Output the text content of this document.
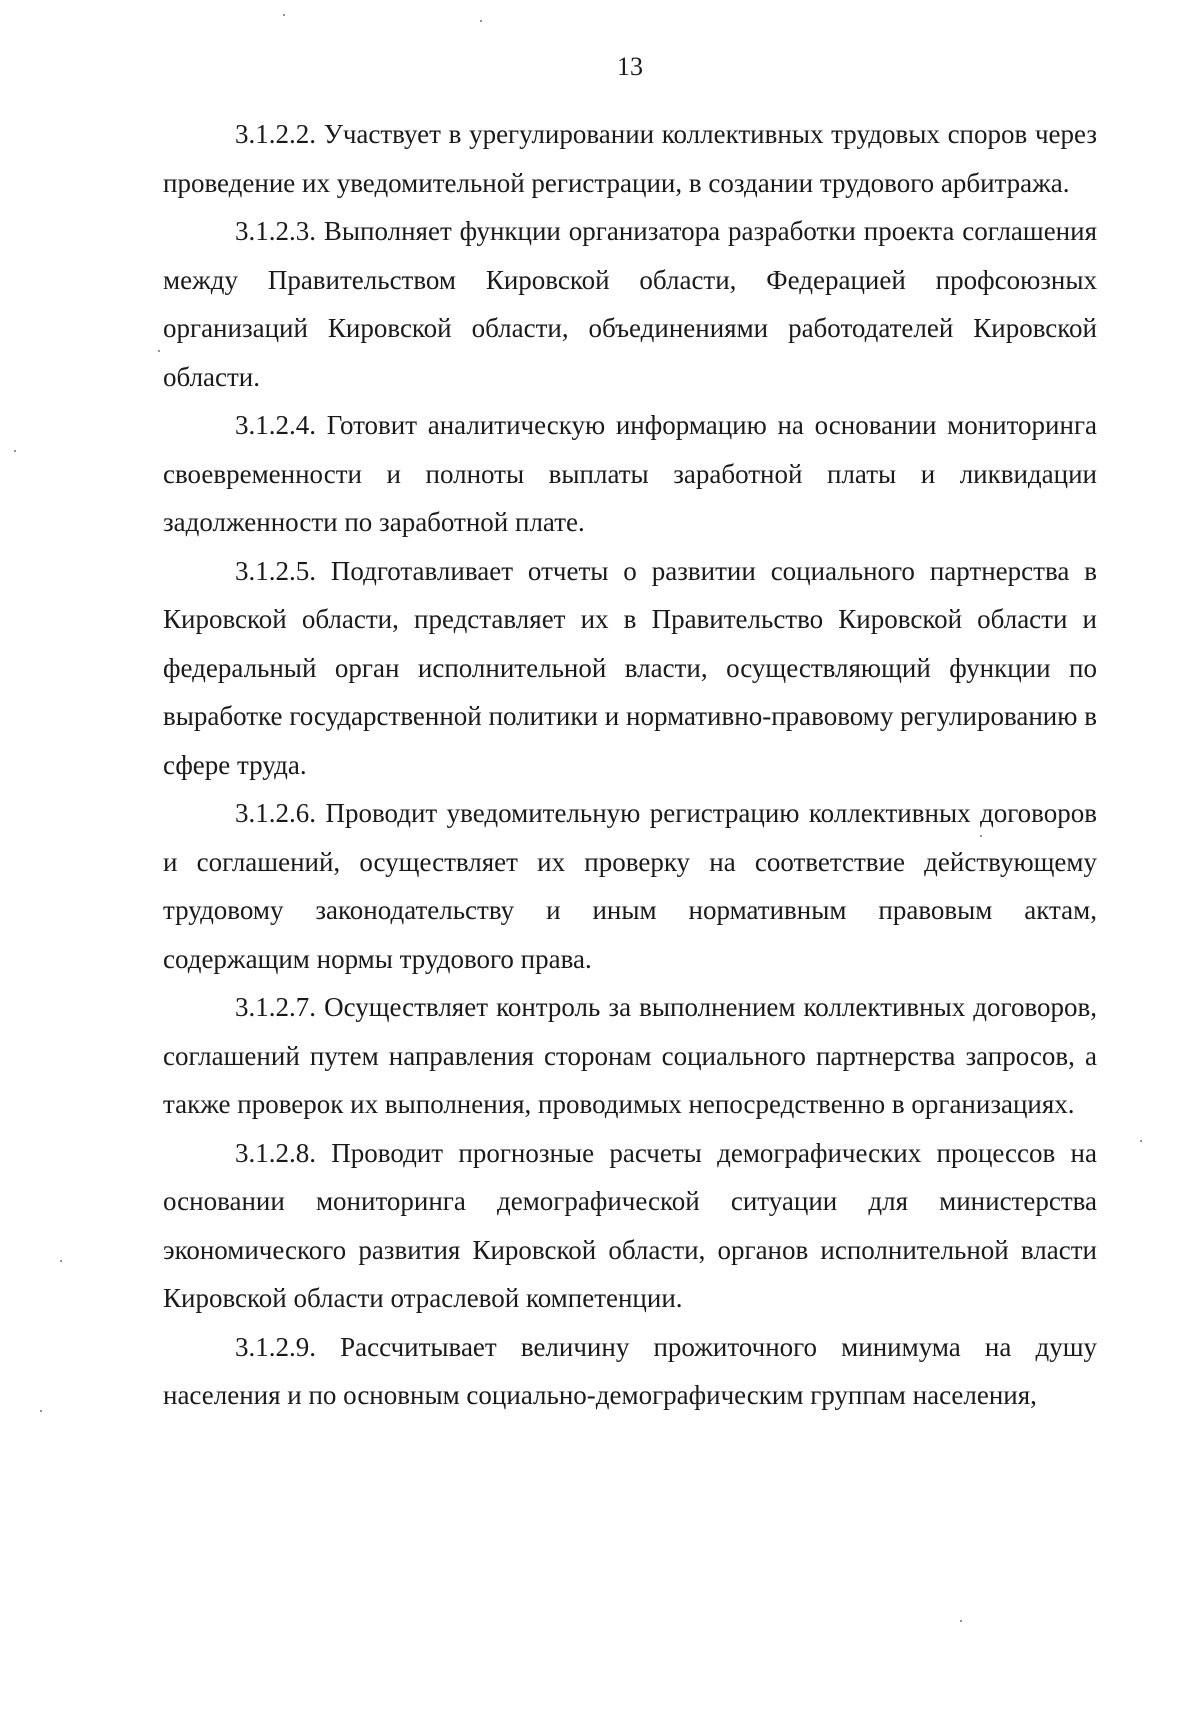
13

3.1.2.2. Участвует в урегулировании коллективных трудовых споров через проведение их уведомительной регистрации, в создании трудового арбитража.

3.1.2.3. Выполняет функции организатора разработки проекта соглашения между Правительством Кировской области, Федерацией профсоюзных организаций Кировской области, объединениями работодателей Кировской области.

3.1.2.4. Готовит аналитическую информацию на основании мониторинга своевременности и полноты выплаты заработной платы и ликвидации задолженности по заработной плате.

3.1.2.5. Подготавливает отчеты о развитии социального партнерства в Кировской области, представляет их в Правительство Кировской области и федеральный орган исполнительной власти, осуществляющий функции по выработке государственной политики и нормативно-правовому регулированию в сфере труда.

3.1.2.6. Проводит уведомительную регистрацию коллективных договоров и соглашений, осуществляет их проверку на соответствие действующему трудовому законодательству и иным нормативным правовым актам, содержащим нормы трудового права.

3.1.2.7. Осуществляет контроль за выполнением коллективных договоров, соглашений путем направления сторонам социального партнерства запросов, а также проверок их выполнения, проводимых непосредственно в организациях.

3.1.2.8. Проводит прогнозные расчеты демографических процессов на основании мониторинга демографической ситуации для министерства экономического развития Кировской области, органов исполнительной власти Кировской области отраслевой компетенции.

3.1.2.9. Рассчитывает величину прожиточного минимума на душу населения и по основным социально-демографическим группам населения,
